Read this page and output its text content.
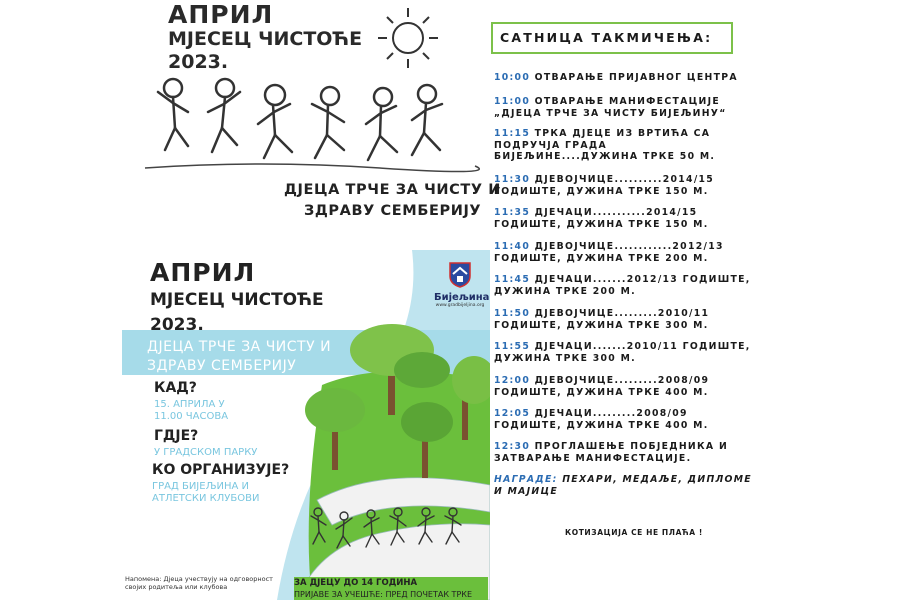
АПРИЛ
МЈЕСЕЦ ЧИСТОЋЕ
2023.
ДЈЕЦА ТРЧЕ ЗА ЧИСТУ И
ЗДРАВУ СЕМБЕРИЈУ
АПРИЛ
МЈЕСЕЦ ЧИСТОЋЕ
2023.
Бијељина
www.gradbijeljina.org
ДЈЕЦА ТРЧЕ ЗА ЧИСТУ И
ЗДРАВУ СЕМБЕРИЈУ
КАД?
15. АПРИЛА У
11.00 ЧАСОВА
ГДЈЕ?
У ГРАДСКОМ ПАРКУ
КО ОРГАНИЗУЈЕ?
ГРАД БИЈЕЉИНА И
АТЛЕТСКИ КЛУБОВИ
Напомена: Дјеца учествују на одговорност
својих родитеља или клубова	ЗА ДЈЕЦУ ДО 14 ГОДИНА
ПРИЈАВЕ ЗА УЧЕШЋЕ: ПРЕД ПОЧЕТАК ТРКЕ
САТНИЦА ТАКМИЧЕЊА:
10:00 ОТВАРАЊЕ ПРИЈАВНОГ ЦЕНТРА
11:00 ОТВАРАЊЕ МАНИФЕСТАЦИЈЕ
„ДЈЕЦА ТРЧЕ ЗА ЧИСТУ БИЈЕЉИНУ“
11:15 ТРКА ДЈЕЦЕ ИЗ ВРТИЋА СА
ПОДРУЧЈА ГРАДА
БИЈЕЉИНЕ....ДУЖИНА ТРКЕ 50 М.
11:30 ДЈЕВОЈЧИЦЕ..........2014/15
ГОДИШТЕ, ДУЖИНА ТРКЕ 150 М.
11:35 ДЈЕЧАЦИ...........2014/15
ГОДИШТЕ, ДУЖИНА ТРКЕ 150 М.
11:40 ДЈЕВОЈЧИЦЕ............2012/13
ГОДИШТЕ, ДУЖИНА ТРКЕ 200 М.
11:45 ДЈЕЧАЦИ.......2012/13 ГОДИШТЕ,
ДУЖИНА ТРКЕ 200 М.
11:50 ДЈЕВОЈЧИЦЕ.........2010/11
ГОДИШТЕ, ДУЖИНА ТРКЕ 300 М.
11:55 ДЈЕЧАЦИ.......2010/11 ГОДИШТЕ,
ДУЖИНА ТРКЕ 300 М.
12:00 ДЈЕВОЈЧИЦЕ.........2008/09
ГОДИШТЕ, ДУЖИНА ТРКЕ 400 М.
12:05 ДЈЕЧАЦИ.........2008/09
ГОДИШТЕ, ДУЖИНА ТРКЕ 400 М.
12:30 ПРОГЛАШЕЊЕ ПОБЈЕДНИКА И
ЗАТВАРАЊЕ МАНИФЕСТАЦИЈЕ.
НАГРАДЕ: ПЕХАРИ, МЕДАЉЕ, ДИПЛОМЕ
И МАЈИЦЕ
КОТИЗАЦИЈА СЕ НЕ ПЛАЋА !
